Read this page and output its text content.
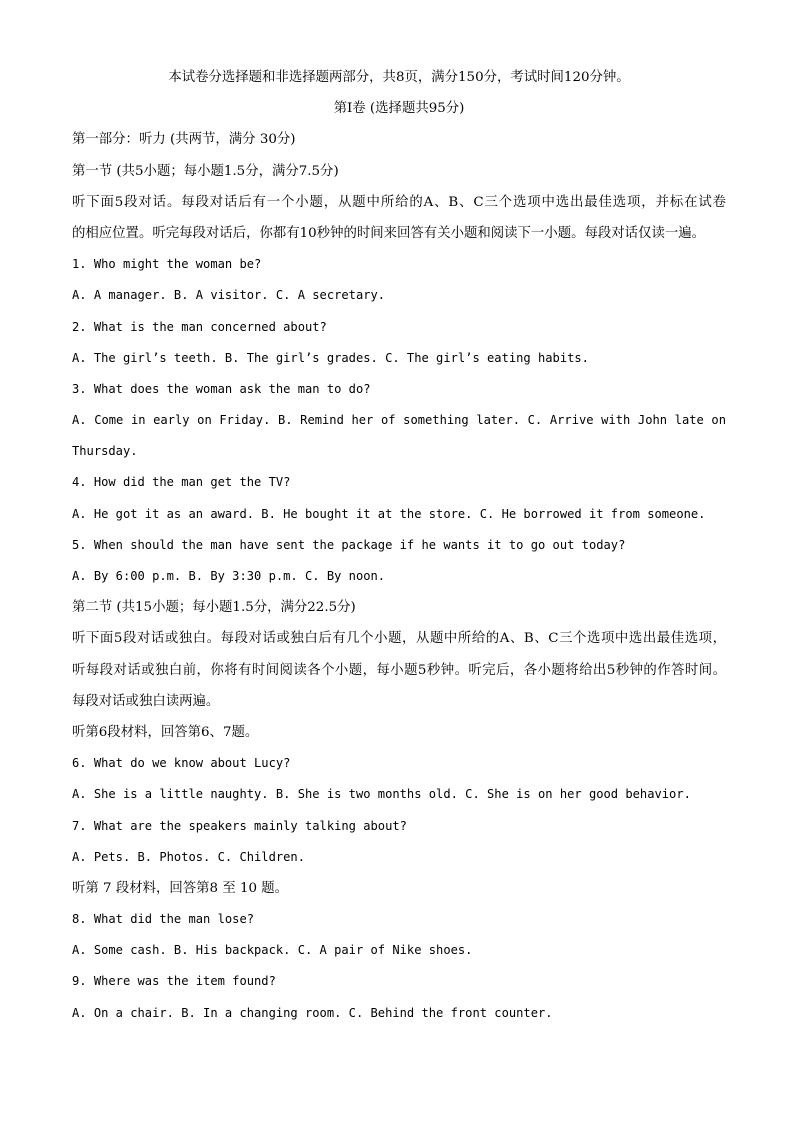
本试卷分选择题和非选择题两部分，共8页，满分150分，考试时间120分钟。
第Ⅰ卷 (选择题共95分)
第一部分：听力 (共两节，满分 30分)
第一节 (共5小题；每小题1.5分，满分7.5分)
听下面5段对话。每段对话后有一个小题，从题中所给的A、B、C三个选项中选出最佳选项，并标在试卷
的相应位置。听完每段对话后，你都有10秒钟的时间来回答有关小题和阅读下一小题。每段对话仅读一遍。
1. Who might the woman be?
A. A manager. B. A visitor. C. A secretary.
2. What is the man concerned about?
A. The girl’s teeth. B. The girl’s grades. C. The girl’s eating habits.
3. What does the woman ask the man to do?
A. Come in early on Friday. B. Remind her of something later. C. Arrive with John late on
Thursday.
4. How did the man get the TV?
A. He got it as an award. B. He bought it at the store. C. He borrowed it from someone.
5. When should the man have sent the package if he wants it to go out today?
A. By 6:00 p.m. B. By 3:30 p.m. C. By noon.
第二节 (共15小题；每小题1.5分，满分22.5分)
听下面5段对话或独白。每段对话或独白后有几个小题，从题中所给的A、B、C三个选项中选出最佳选项，
听每段对话或独白前，你将有时间阅读各个小题，每小题5秒钟。听完后，各小题将给出5秒钟的作答时间。
每段对话或独白读两遍。
听第6段材料，回答第6、7题。
6. What do we know about Lucy?
A. She is a little naughty. B. She is two months old. C. She is on her good behavior.
7. What are the speakers mainly talking about?
A. Pets. B. Photos. C. Children.
听第 7 段材料，回答第8 至 10 题。
8. What did the man lose?
A. Some cash. B. His backpack. C. A pair of Nike shoes.
9. Where was the item found?
A. On a chair. B. In a changing room. C. Behind the front counter.
